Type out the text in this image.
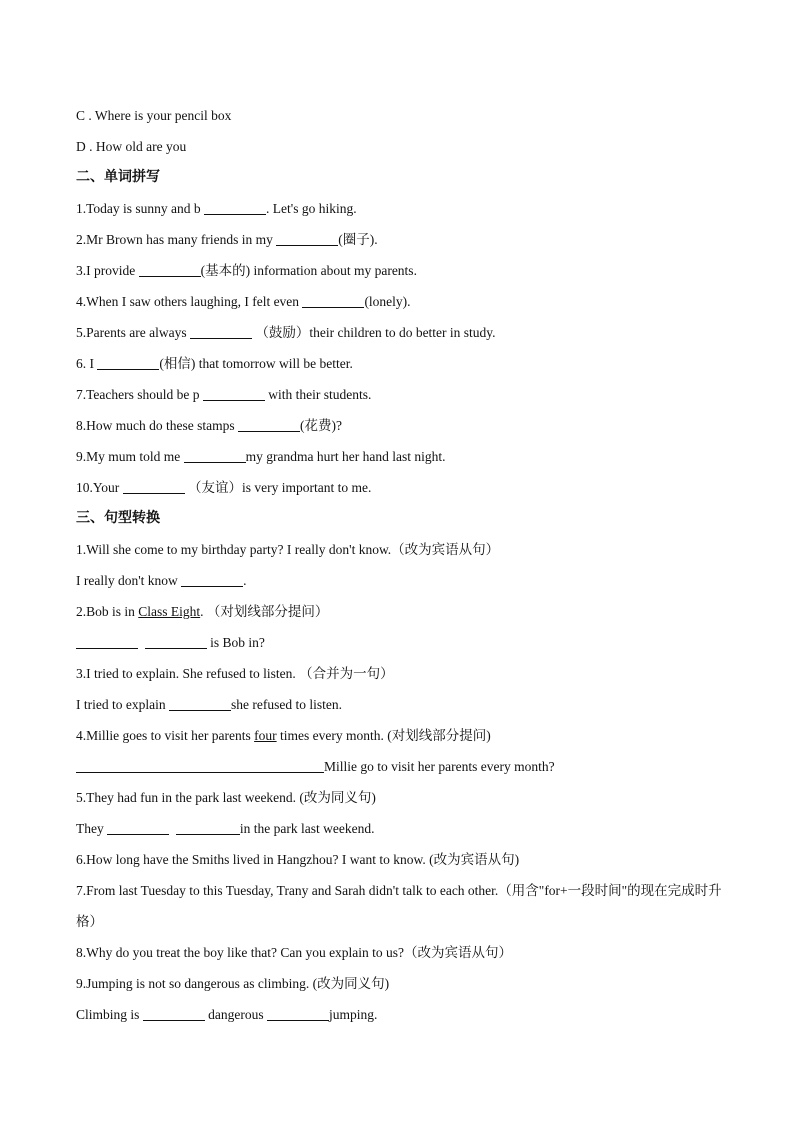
C . Where is your pencil box
D . How old are you
二、单词拼写
1.Today is sunny and b	. Let's go hiking.
2.Mr Brown has many friends in my	(圈子).
3.I provide	(基本的) information about my parents.
4.When I saw others laughing, I felt even	(lonely).
5.Parents are always	（鼓励）their children to do better in study.
6. I	(相信) that tomorrow will be better.
7.Teachers should be p	with their students.
8.How much do these stamps	(花费)?
9.My mum told me	my grandma hurt her hand last night.
10.Your	（友谊）is very important to me.
三、句型转换
1.Will she come to my birthday party? I really don't know.（改为宾语从句）
I really don't know	.
2.Bob is in Class Eight. （对划线部分提问）
is Bob in?
3.I tried to explain. She refused to listen. （合并为一句）
I tried to explain	she refused to listen.
4.Millie goes to visit her parents four times every month. (对划线部分提问)
Millie go to visit her parents every month?
5.They had fun in the park last weekend. (改为同义句)
They	in the park last weekend.
6.How long have the Smiths lived in Hangzhou? I want to know. (改为宾语从句)
7.From last Tuesday to this Tuesday, Trany and Sarah didn't talk to each other.（用含"for+一段时间"的现在完成时升格）
8.Why do you treat the boy like that? Can you explain to us?（改为宾语从句）
9.Jumping is not so dangerous as climbing. (改为同义句)
Climbing is	dangerous	jumping.
